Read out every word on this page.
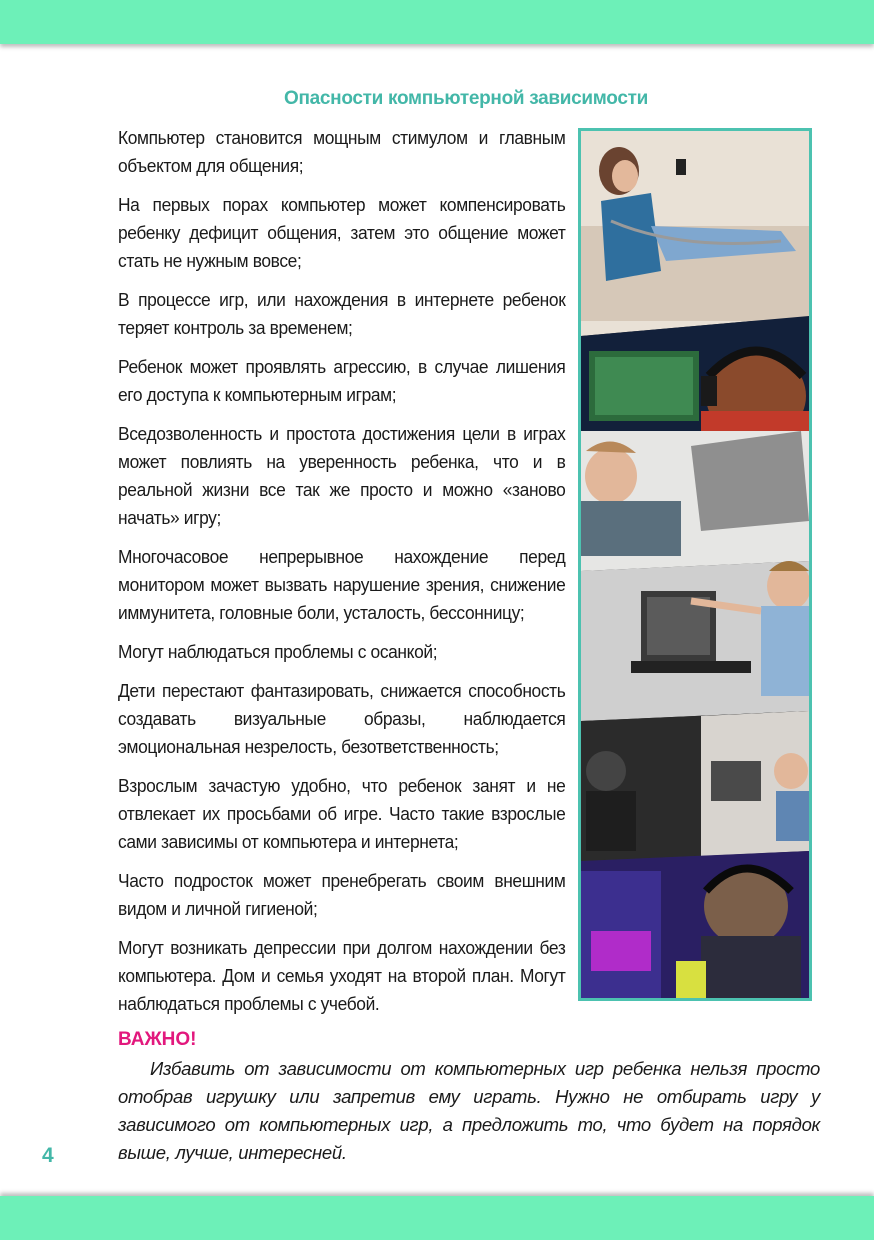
Опасности компьютерной зависимости

Компьютер становится мощным стимулом и главным объектом для общения;

На первых порах компьютер может компенсировать ребенку дефицит общения, затем это общение может стать не нужным вовсе;

В процессе игр, или нахождения в интернете ребенок теряет контроль за временем;

Ребенок может проявлять агрессию, в случае лишения его доступа к компьютерным играм;

Вседозволенность и простота достижения цели в играх может повлиять на уверенность ребенка, что и в реальной жизни все так же просто и можно «заново начать» игру;

Многочасовое непрерывное нахождение перед монитором может вызвать нарушение зрения, снижение иммунитета, головные боли, усталость, бессонницу;

Могут наблюдаться проблемы с осанкой;

Дети перестают фантазировать, снижается способность создавать визуальные образы, наблюдается эмоциональная незрелость, безответственность;

Взрослым зачастую удобно, что ребенок занят и не отвлекает их просьбами об игре. Часто такие взрослые сами зависимы от компьютера и интернета;

Часто подросток может пренебрегать своим внешним видом и личной гигиеной;

Могут возникать депрессии при долгом нахождении без компьютера. Дом и семья уходят на второй план. Могут наблюдаться проблемы с учебой.

ВАЖНО!
Избавить от зависимости от компьютерных игр ребенка нельзя просто отобрав игрушку или запретив ему играть. Нужно не отбирать игру у зависимого от компьютерных игр, а предложить то, что будет на порядок выше, лучше, интересней.
4
